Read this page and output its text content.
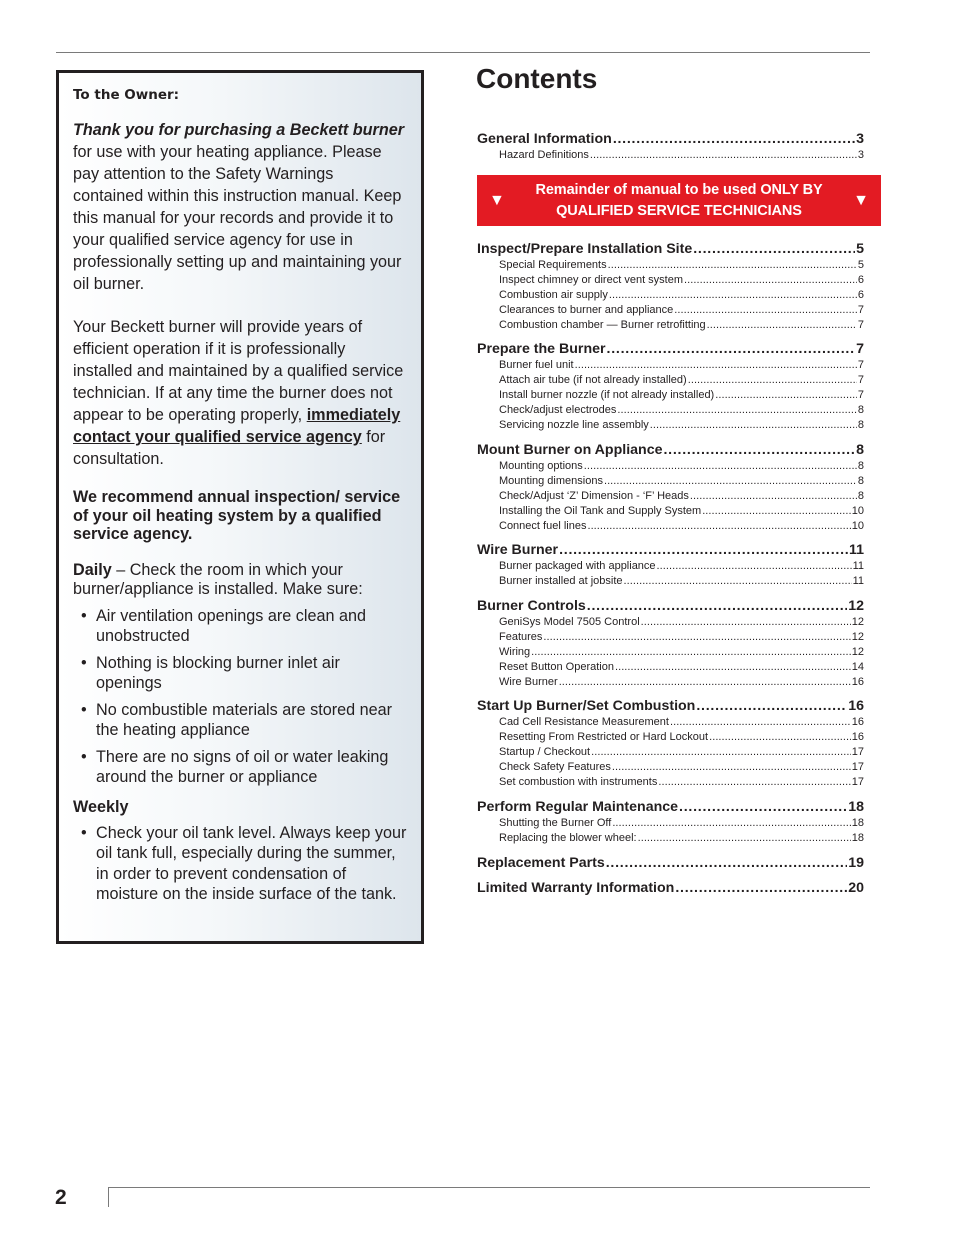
To the Owner:

Thank you for purchasing a Beckett burner for use with your heating appliance. Please pay attention to the Safety Warnings contained within this instruction manual. Keep this manual for your records and provide it to your qualified service agency for use in professionally setting up and maintaining your oil burner.

Your Beckett burner will provide years of efficient operation if it is professionally installed and maintained by a qualified service technician. If at any time the burner does not appear to be operating properly, immediately contact your qualified service agency for consultation.

We recommend annual inspection/ service of your oil heating system by a qualified service agency.

Daily – Check the room in which your burner/appliance is installed. Make sure:

• Air ventilation openings are clean and unobstructed
• Nothing is blocking burner inlet air openings
• No combustible materials are stored near the heating appliance
• There are no signs of oil or water leaking around the burner or appliance
Weekly
• Check your oil tank level. Always keep your oil tank full, especially during the summer, in order to prevent condensation of moisture on the inside surface of the tank.
Contents
General Information . . .	3
Hazard Definitions . . .	3
▼
Remainder of manual to be used ONLY BY
QUALIFIED SERVICE TECHNICIANS
▼
Inspect/Prepare Installation Site . . .	5
Special Requirements . . .	5
Inspect chimney or direct vent system . . .	6
Combustion air supply . . .	6
Clearances to burner and appliance . . .	7
Combustion chamber — Burner retrofitting . . .	7
Prepare the Burner . . .	7
Burner fuel unit . . .	7
Attach air tube (if not already installed) . . .	7
Install burner nozzle (if not already installed) . . .	7
Check/adjust electrodes . . .	8
Servicing nozzle line assembly . . .	8
Mount Burner on Appliance . . .	8
Mounting options . . .	8
Mounting dimensions . . .	8
Check/Adjust ‘Z’ Dimension - ‘F’ Heads . . .	8
Installing the Oil Tank and Supply System . . .	10
Connect fuel lines . . .	10
Wire Burner . . .	11
Burner packaged with appliance . . .	11
Burner installed at jobsite . . .	11
Burner Controls . . .	12
GeniSys Model 7505 Control . . .	12
Features . . .	12
Wiring . . .	12
Reset Button Operation . . .	14
Wire Burner . . .	16
Start Up Burner/Set Combustion . . .	16
Cad Cell Resistance Measurement . . .	16
Resetting From Restricted or Hard Lockout . . .	16
Startup / Checkout . . .	17
Check Safety Features . . .	17
Set combustion with instruments . . .	17
Perform Regular Maintenance . . .	18
Shutting the Burner Off . . .	18
Replacing the blower wheel: . . .	18
Replacement Parts . . .	19
Limited Warranty Information . . .	20
2
